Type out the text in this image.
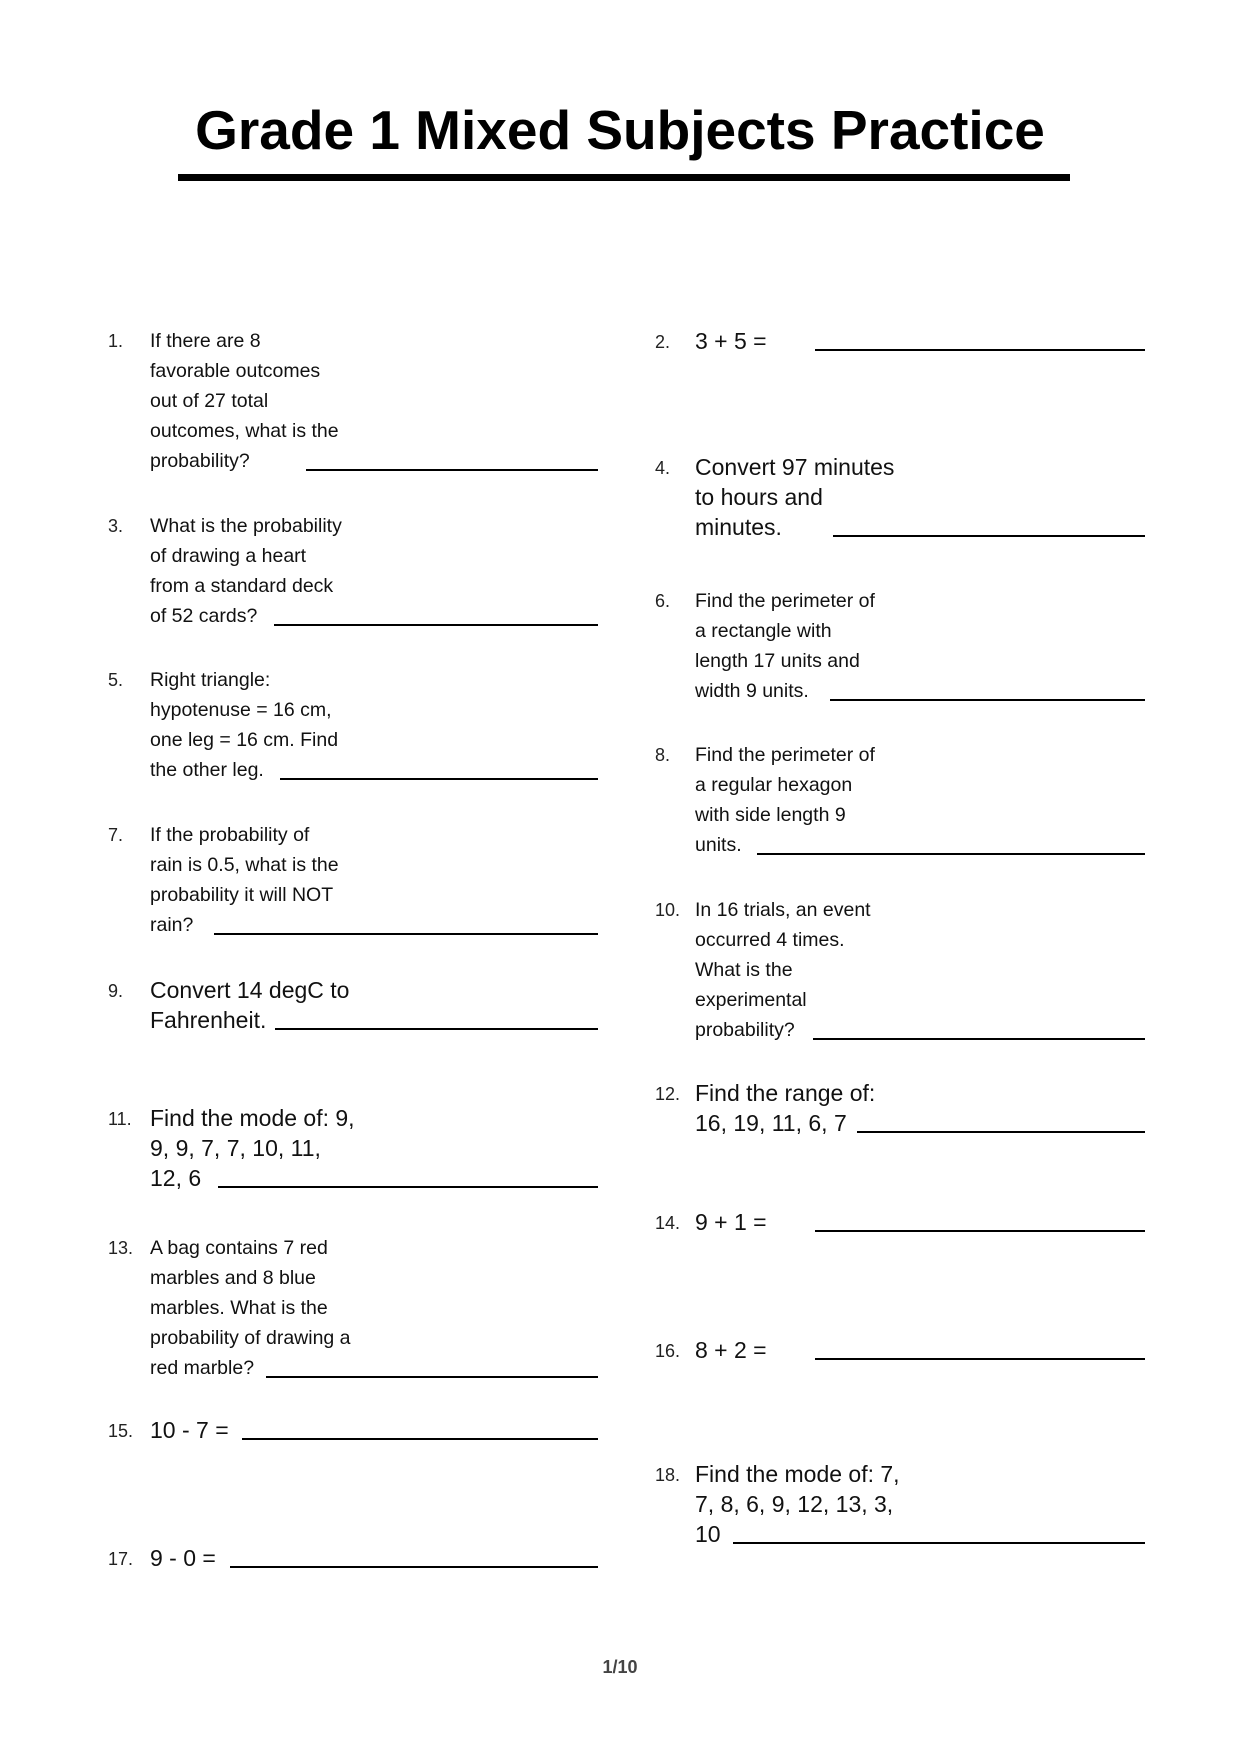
Grade 1 Mixed Subjects Practice
1.	If there are 8
favorable outcomes
out of 27 total
outcomes, what is the
probability?
3.	What is the probability
of drawing a heart
from a standard deck
of 52 cards?
5.	Right triangle:
hypotenuse = 16 cm,
one leg = 16 cm. Find
the other leg.
7.	If the probability of
rain is 0.5, what is the
probability it will NOT
rain?
9.	Convert 14 degC to
Fahrenheit.
11. Find the mode of: 9,
9, 9, 7, 7, 10, 11,
12, 6
13. A bag contains 7 red
marbles and 8 blue
marbles. What is the
probability of drawing a
red marble?
15. 10 - 7 =
17. 9 - 0 =
2.	3 + 5 =
4.	Convert 97 minutes
to hours and
minutes.
6.	Find the perimeter of
a rectangle with
length 17 units and
width 9 units.
8.	Find the perimeter of
a regular hexagon
with side length 9
units.
10. In 16 trials, an event
occurred 4 times.
What is the
experimental
probability?
12. Find the range of:
16, 19, 11, 6, 7
14. 9 + 1 =
16. 8 + 2 =
18. Find the mode of: 7,
7, 8, 6, 9, 12, 13, 3,
10
1/10
